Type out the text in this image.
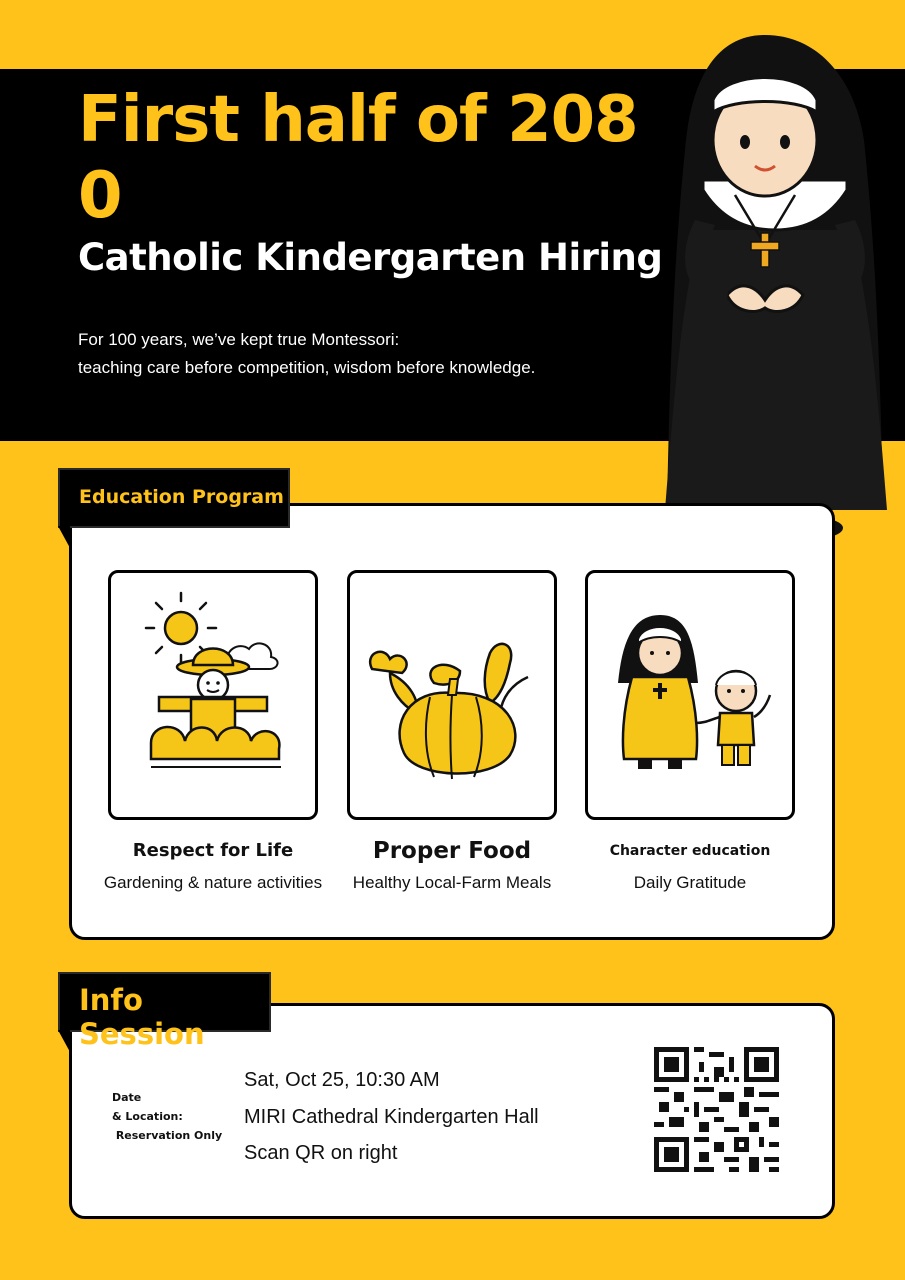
First half of 2080
Catholic Kindergarten Hiring
For 100 years, we’ve kept true Montessori:
teaching care before competition, wisdom before knowledge.
Education Program
Respect for Life	Proper Food	Character education
Gardening & nature activities	Healthy Local-Farm Meals	Daily Gratitude
Info Session
Date
& Location:
Reservation Only
Sat, Oct 25, 10:30 AM
MIRI Cathedral Kindergarten Hall
Scan QR on right
